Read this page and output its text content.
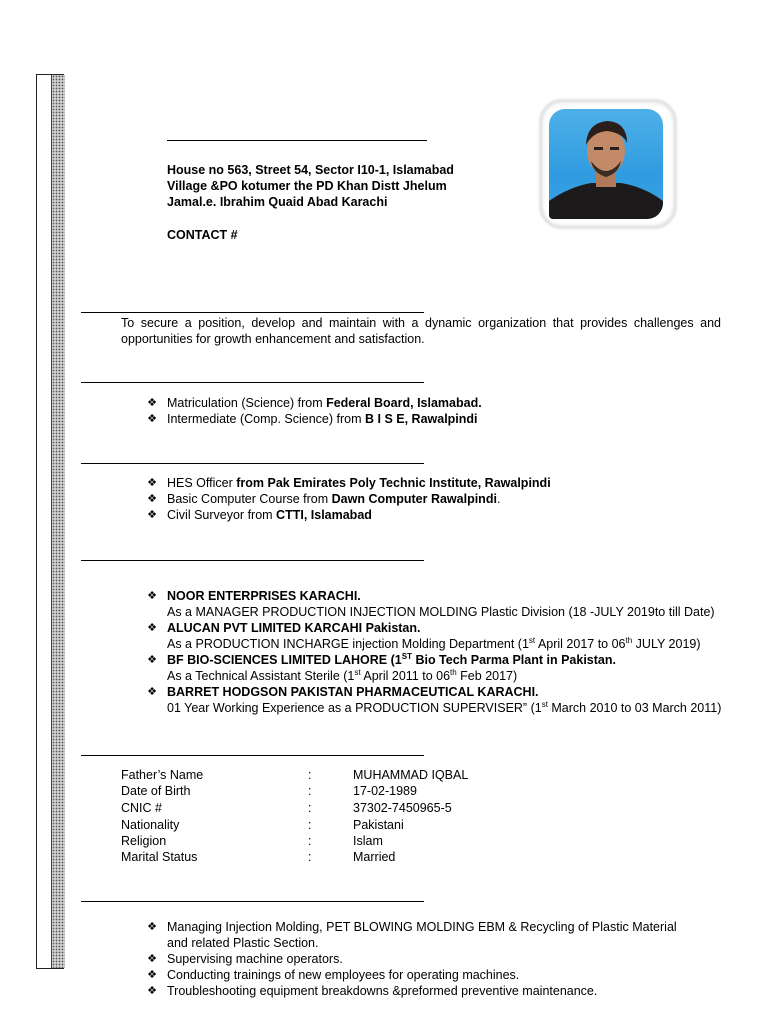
House no 563, Street 54, Sector I10-1, Islamabad
Village &PO kotumer the PD Khan Distt Jhelum
Jamal.e. Ibrahim Quaid Abad Karachi
CONTACT #
To secure a position, develop and maintain with a dynamic organization that provides challenges and opportunities for growth enhancement and satisfaction.
❖ Matriculation (Science) from Federal Board, Islamabad.
❖ Intermediate (Comp. Science) from B I S E, Rawalpindi
❖ HES Officer from Pak Emirates Poly Technic Institute, Rawalpindi
❖ Basic Computer Course from Dawn Computer Rawalpindi.
❖ Civil Surveyor from CTTI, Islamabad
❖ NOOR ENTERPRISES KARACHI.
As a MANAGER PRODUCTION INJECTION MOLDING Plastic Division (18 -JULY 2019to till Date)
❖ ALUCAN PVT LIMITED KARCAHI Pakistan.
As a PRODUCTION INCHARGE injection Molding Department (1st April 2017 to 06th JULY 2019)
❖ BF BIO-SCIENCES LIMITED LAHORE (1ST Bio Tech Parma Plant in Pakistan.
As a Technical Assistant Sterile (1st April 2011 to 06th Feb 2017)
❖ BARRET HODGSON PAKISTAN PHARMACEUTICAL KARACHI.
01 Year Working Experience as a PRODUCTION SUPERVISER” (1st March 2010 to 03 March 2011)
Father’s Name	:	MUHAMMAD IQBAL
Date of Birth	:	17-02-1989
CNIC #	:	37302-7450965-5
Nationality	:	Pakistani
Religion	:	Islam
Marital Status	:	Married
❖ Managing Injection Molding, PET BLOWING MOLDING EBM & Recycling of Plastic Material
and related Plastic Section.
❖ Supervising machine operators.
❖ Conducting trainings of new employees for operating machines.
❖ Troubleshooting equipment breakdowns &preformed preventive maintenance.
